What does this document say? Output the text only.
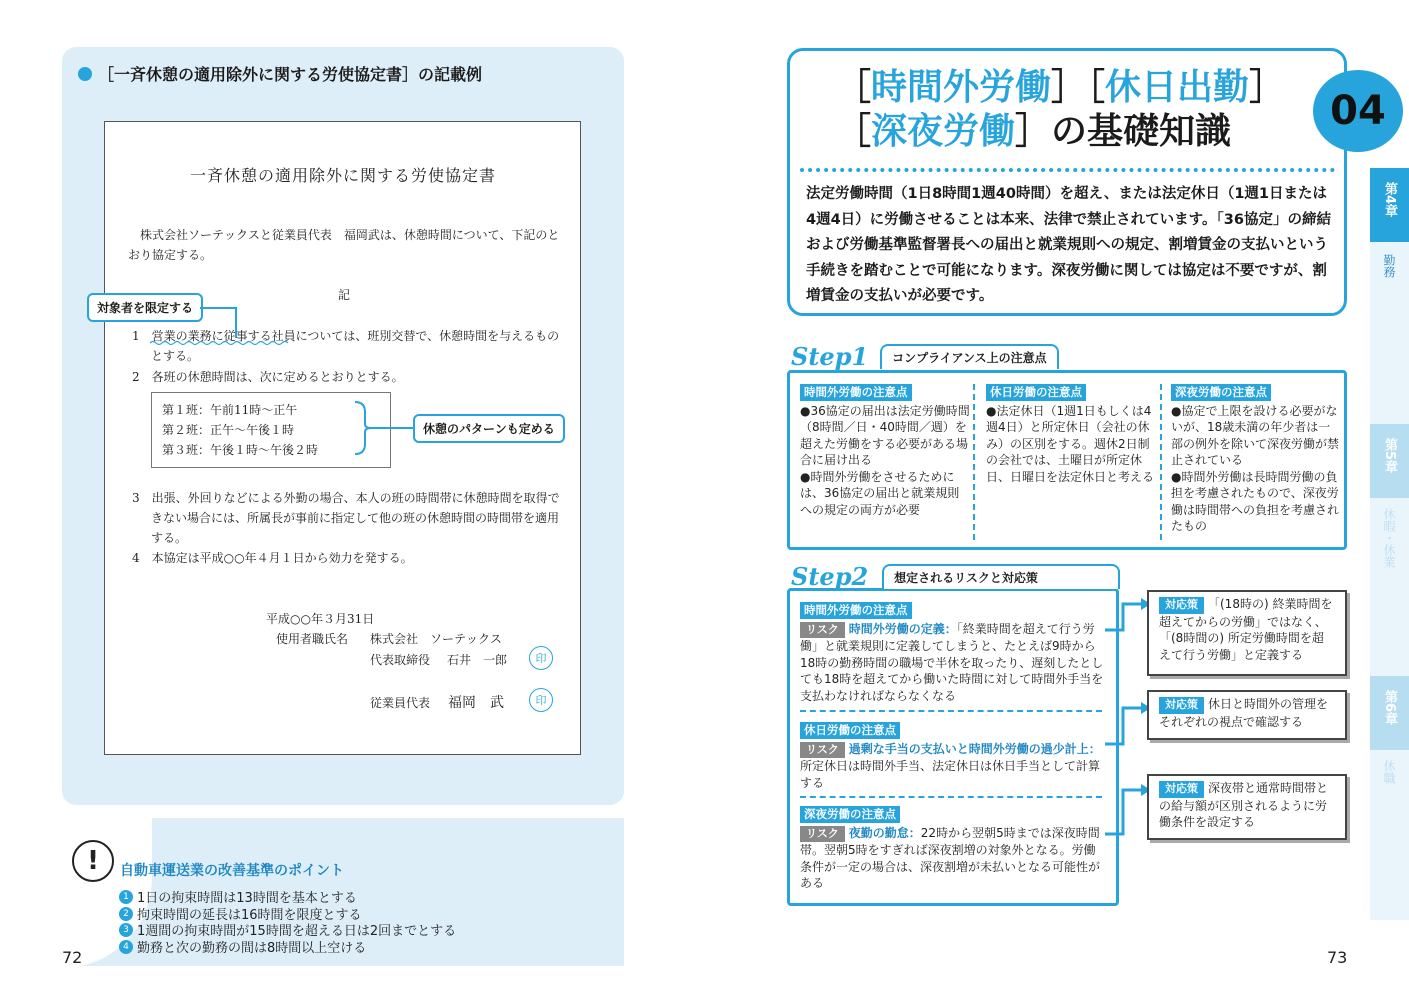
［一斉休憩の適用除外に関する労使協定書］の記載例
一斉休憩の適用除外に関する労使協定書
株式会社ソーテックスと従業員代表　福岡武は、休憩時間について、下記のと
おり協定する。
記
対象者を限定する
1　営業の業務に従事する社員については、班別交替で、休憩時間を与えるもの
とする。
2　各班の休憩時間は、次に定めるとおりとする。
第１班：午前11時～正午
第２班：正午～午後１時
第３班：午後１時～午後２時
休憩のパターンも定める
3　出張、外回りなどによる外勤の場合、本人の班の時間帯に休憩時間を取得で
きない場合には、所属長が事前に指定して他の班の休憩時間の時間帯を適用
する。
4　本協定は平成○○年４月１日から効力を発する。
平成○○年３月31日
使用者職氏名 株式会社　ソーテックス
代表取締役 石井　一郎	印
従業員代表 福岡　武	印
!	自動車運送業の改善基準のポイント
1 1日の拘束時間は13時間を基本とする
2 拘束時間の延長は16時間を限度とする
3 1週間の拘束時間が15時間を超える日は2回までとする
4 勤務と次の勤務の間は8時間以上空ける
72
［時間外労働］［休日出勤］
［深夜労働］の基礎知識	04
法定労働時間（1日8時間1週40時間）を超え、または法定休日（1週1日または4週4日）に労働させることは本来、法律で禁止されています。「36協定」の締結および労働基準監督署長への届出と就業規則への規定、割増賃金の支払いという手続きを踏むことで可能になります。深夜労働に関しては協定は不要ですが、割増賃金の支払いが必要です。
第4章
勤務
第5章
休暇・休業
第6章
休職
Step1	コンプライアンス上の注意点
時間外労働の注意点
●36協定の届出は法定労働時間（8時間／日・40時間／週）を超えた労働をする必要がある場合に届け出る
●時間外労働をさせるためには、36協定の届出と就業規則への規定の両方が必要
休日労働の注意点
●法定休日（1週1日もしくは4週4日）と所定休日（会社の休み）の区別をする。週休2日制の会社では、土曜日が所定休日、日曜日を法定休日と考える
深夜労働の注意点
●協定で上限を設ける必要がないが、18歳未満の年少者は一部の例外を除いて深夜労働が禁止されている
●時間外労働は長時間労働の負担を考慮されたもので、深夜労働は時間帯への負担を考慮されたもの
Step2	想定されるリスクと対応策
時間外労働の注意点
リスク 時間外労働の定義：「終業時間を超えて行う労働」と就業規則に定義してしまうと、たとえば9時から18時の勤務時間の職場で半休を取ったり、遅刻したとしても18時を超えてから働いた時間に対して時間外手当を支払わなければならなくなる
休日労働の注意点
リスク 過剰な手当の支払いと時間外労働の過少計上：所定休日は時間外手当、法定休日は休日手当として計算する
深夜労働の注意点
リスク 夜勤の勤怠：22時から翌朝5時までは深夜時間帯。翌朝5時をすぎれば深夜割増の対象外となる。労働条件が一定の場合は、深夜割増が未払いとなる可能性がある
対応策 「(18時の) 終業時間を超えてからの労働」ではなく、「(8時間の) 所定労働時間を超えて行う労働」と定義する
対応策 休日と時間外の管理をそれぞれの視点で確認する
対応策 深夜帯と通常時間帯との給与額が区別されるように労働条件を設定する
73
